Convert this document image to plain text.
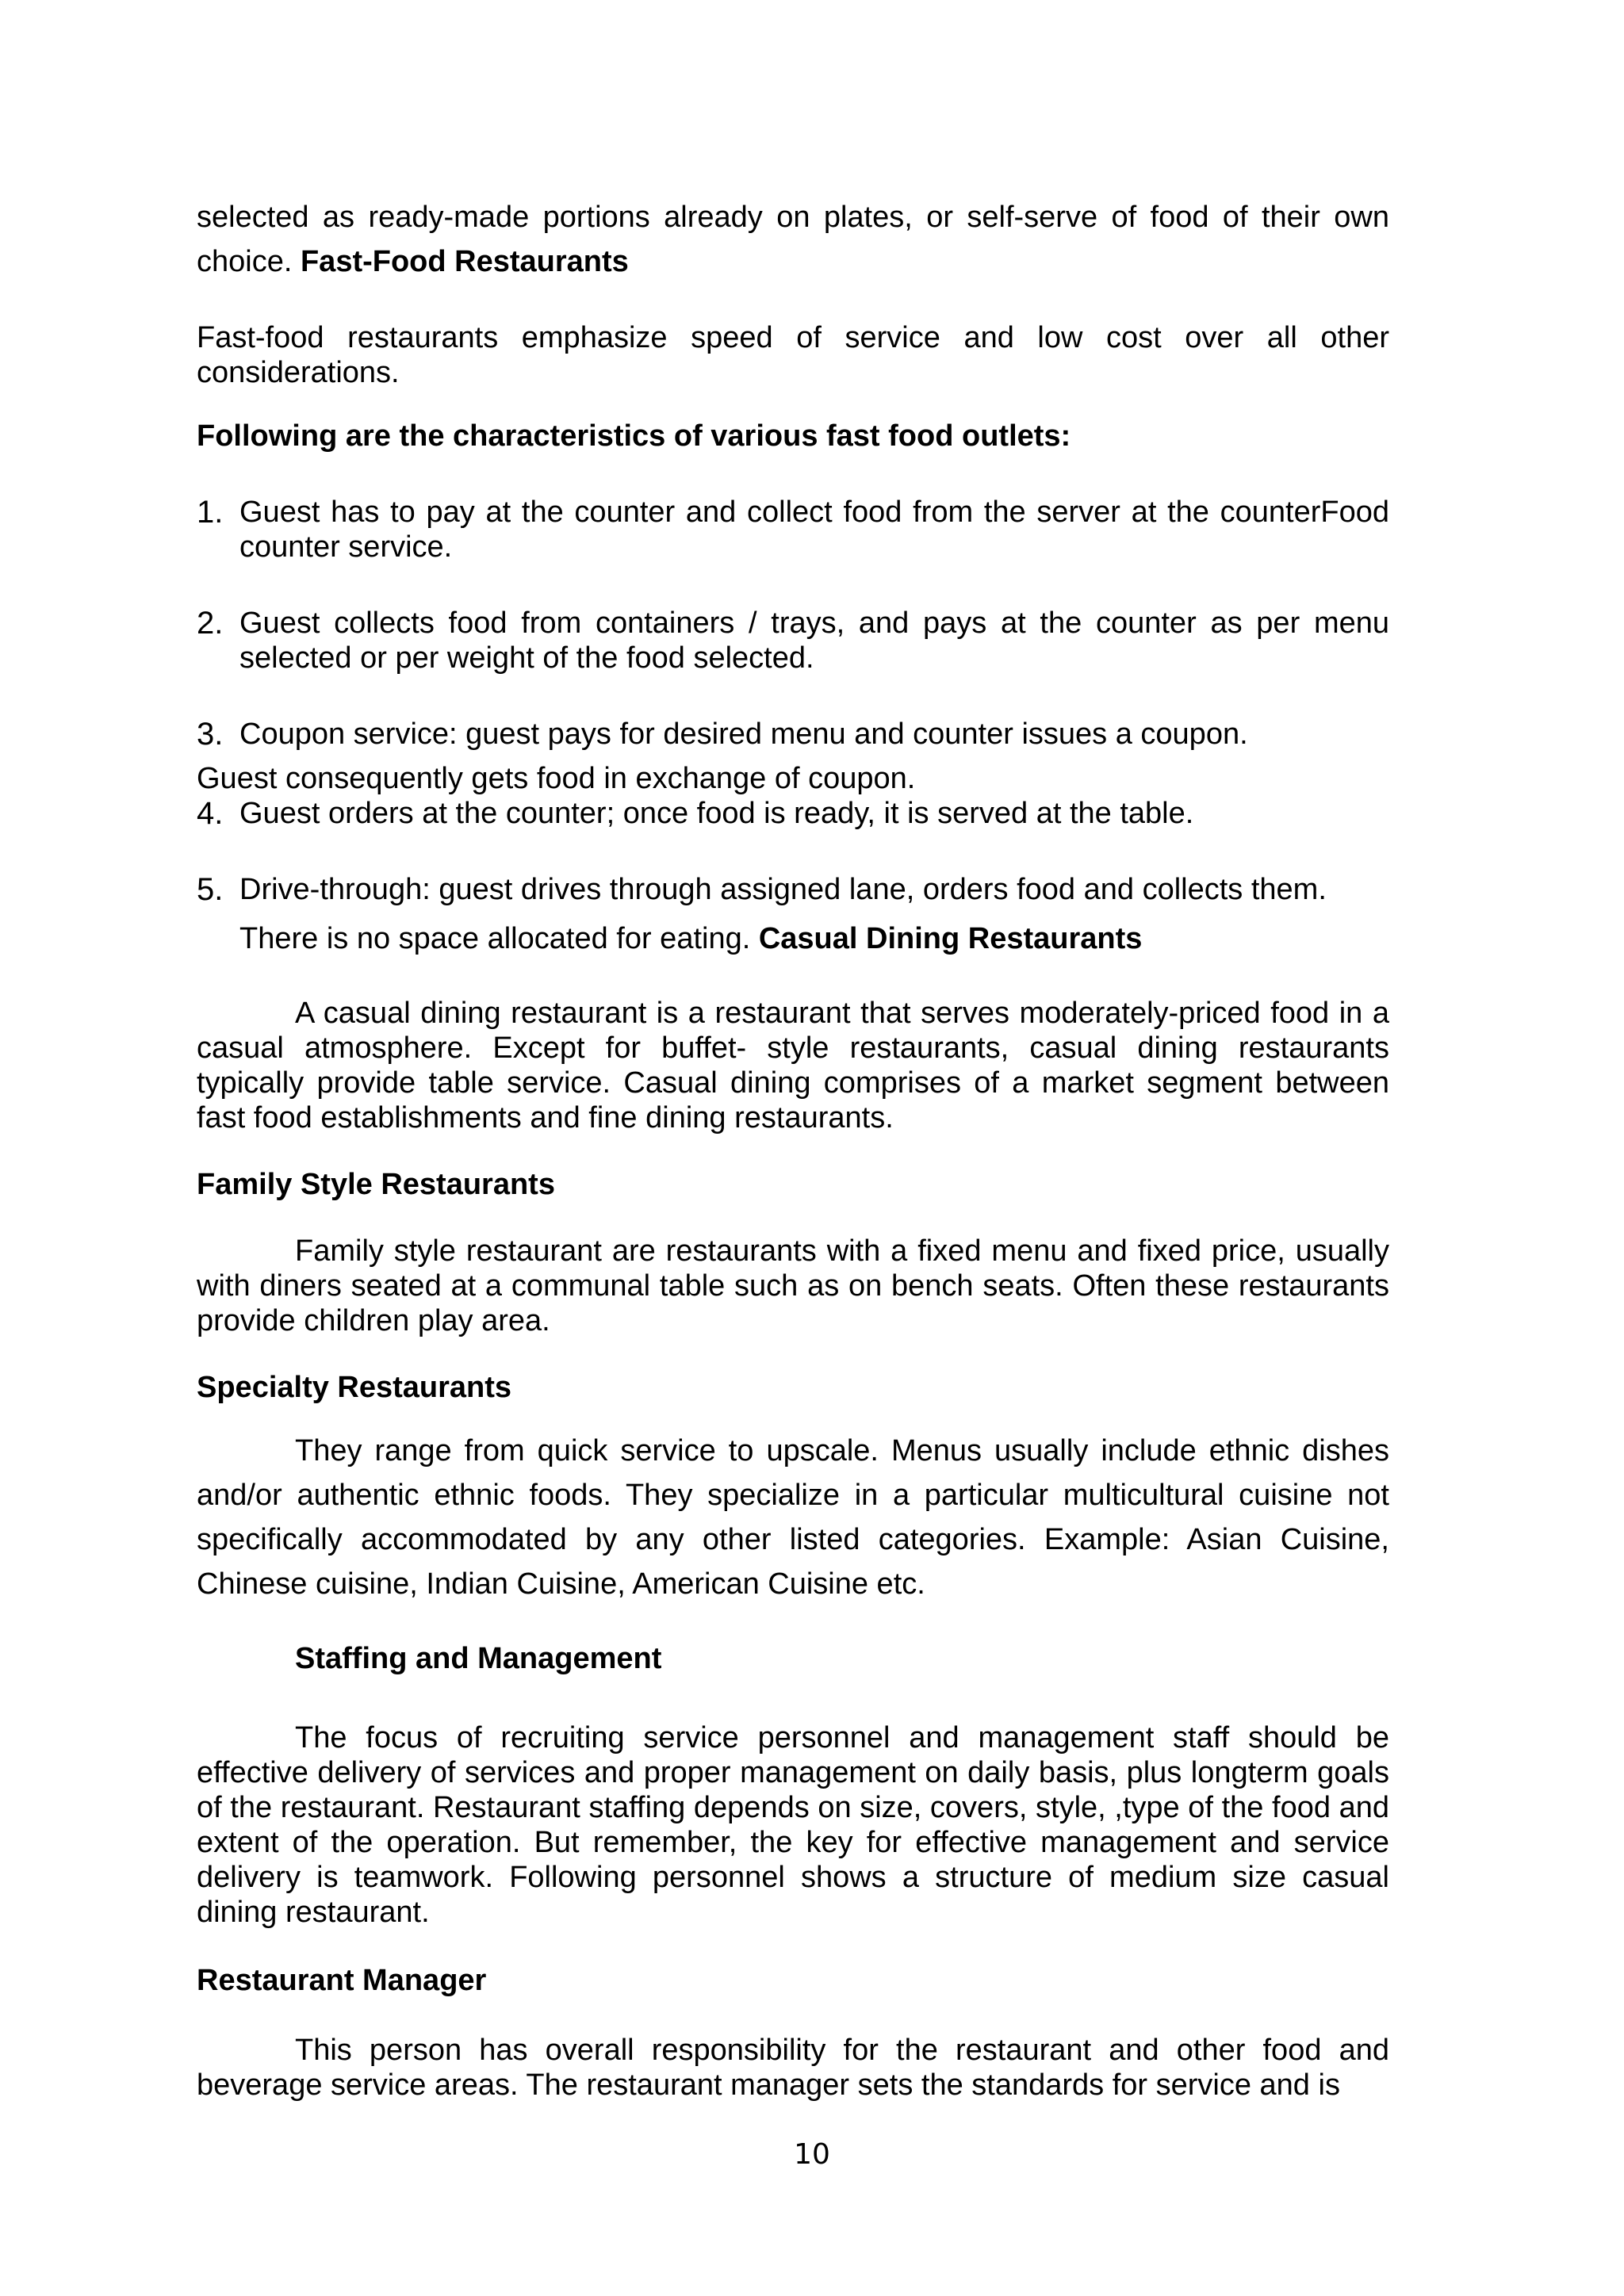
selected as ready-made portions already on plates, or self-serve of food of their own choice. Fast-Food Restaurants

Fast-food restaurants emphasize speed of service and low cost over all other considerations.

Following are the characteristics of various fast food outlets:

1. Guest has to pay at the counter and collect food from the server at the counterFood counter service.
2. Guest collects food from containers / trays, and pays at the counter as per menu selected or per weight of the food selected.
3. Coupon service: guest pays for desired menu and counter issues a coupon.

Guest consequently gets food in exchange of coupon.

4. Guest orders at the counter; once food is ready, it is served at the table.
5. Drive-through: guest drives through assigned lane, orders food and collects them.

There is no space allocated for eating. Casual Dining Restaurants

A casual dining restaurant is a restaurant that serves moderately-priced food in a casual atmosphere. Except for buffet- style restaurants, casual dining restaurants typically provide table service. Casual dining comprises of a market segment between fast food establishments and fine dining restaurants.

Family Style Restaurants

Family style restaurant are restaurants with a fixed menu and fixed price, usually with diners seated at a communal table such as on bench seats. Often these restaurants provide children play area.

Specialty Restaurants

They range from quick service to upscale. Menus usually include ethnic dishes and/or authentic ethnic foods. They specialize in a particular multicultural cuisine not specifically accommodated by any other listed categories. Example: Asian Cuisine, Chinese cuisine, Indian Cuisine, American Cuisine etc.

Staffing and Management

The focus of recruiting service personnel and management staff should be effective delivery of services and proper management on daily basis, plus longterm goals of the restaurant. Restaurant staffing depends on size, covers, style, ,type of the food and extent of the operation. But remember, the key for effective management and service delivery is teamwork. Following personnel shows a structure of medium size casual dining restaurant.

Restaurant Manager

This person has overall responsibility for the restaurant and other food and beverage service areas. The restaurant manager sets the standards for service and is

10
